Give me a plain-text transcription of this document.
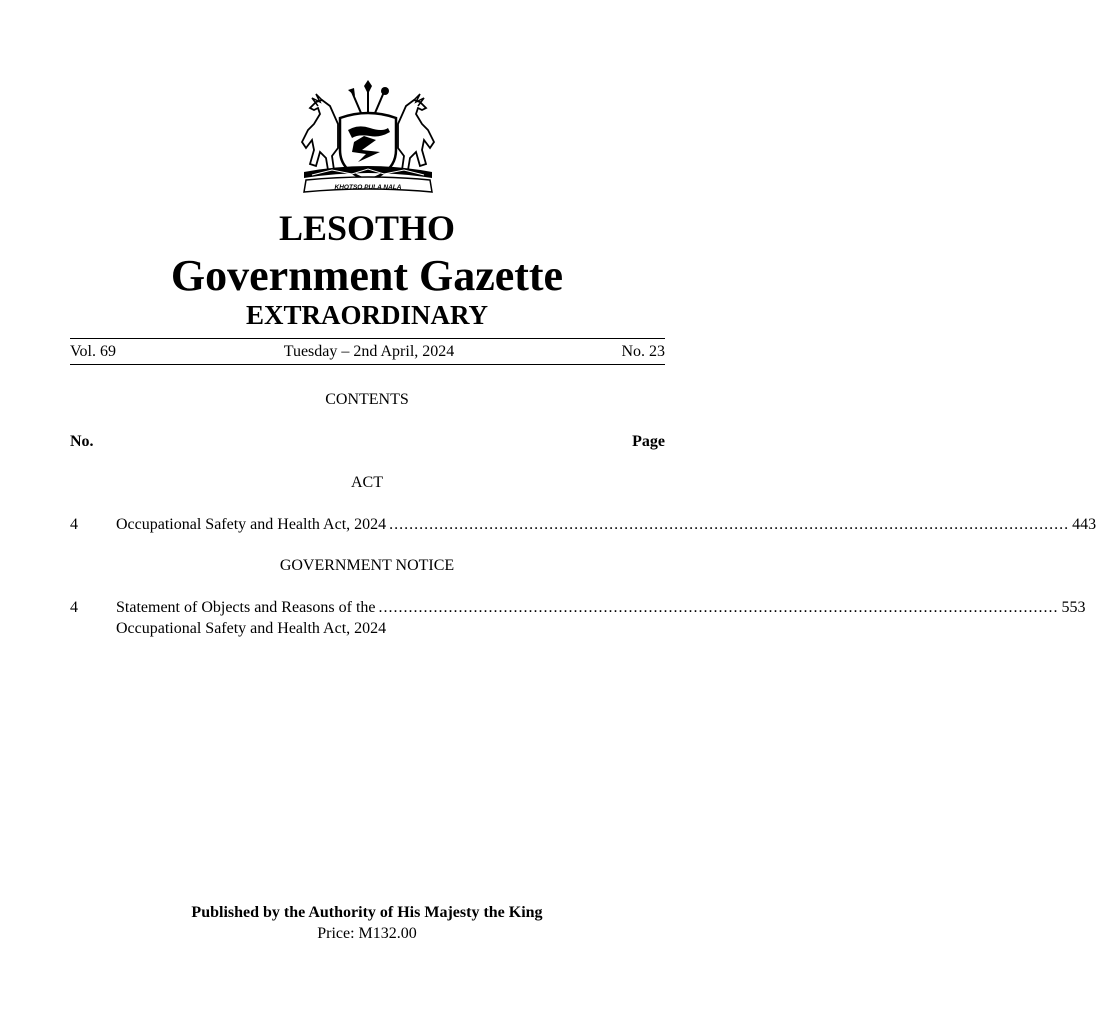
KHOTSO PULA NALA
LESOTHO
Government Gazette
EXTRAORDINARY
Vol. 69	Tuesday – 2nd April, 2024	No. 23
CONTENTS
No.	Page
ACT
4 Occupational Safety and Health Act, 2024 ........................................................................................................................................ 443
GOVERNMENT NOTICE
4 Statement of Objects and Reasons of the ........................................................................................................................................ 553
Occupational Safety and Health Act, 2024
Published by the Authority of His Majesty the King
Price: M132.00
